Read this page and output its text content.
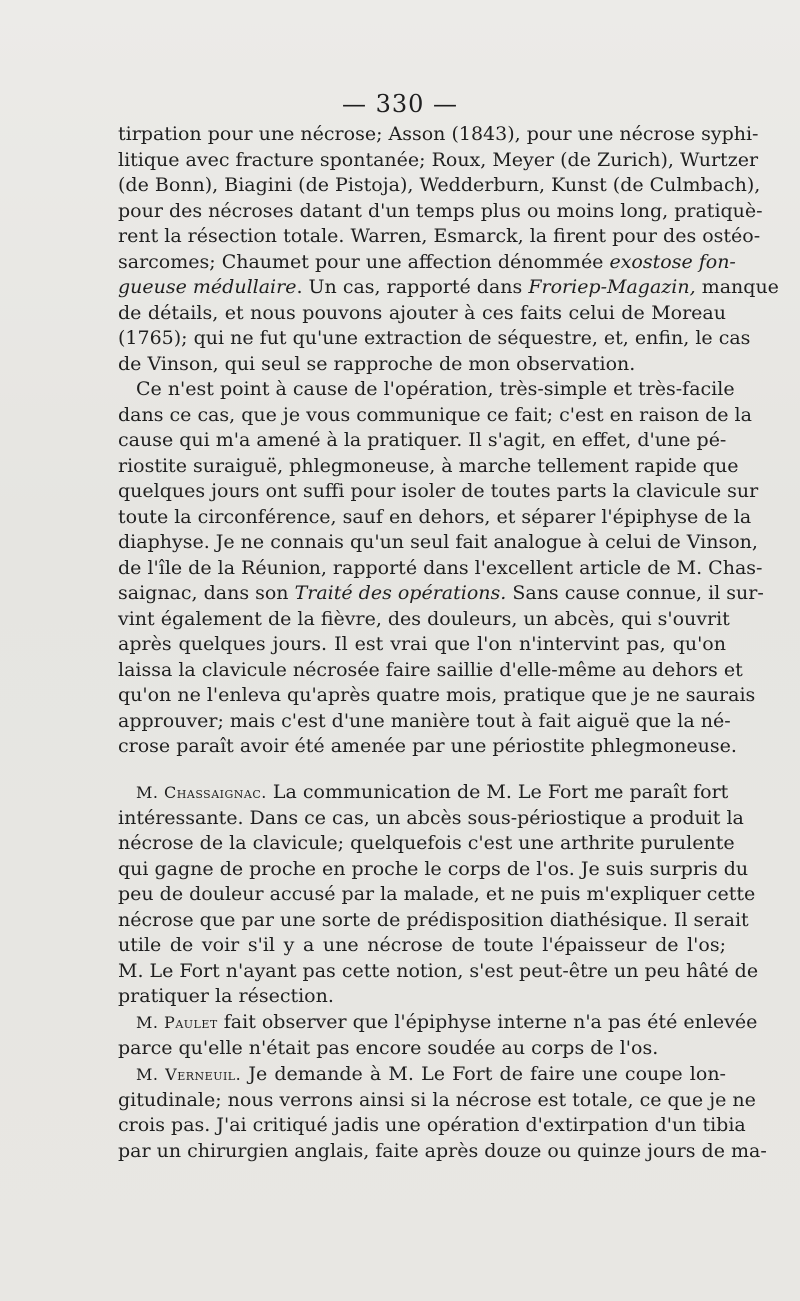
— 330 —
tirpation pour une nécrose; Asson (1843), pour une nécrose syphi-
litique avec fracture spontanée; Roux, Meyer (de Zurich), Wurtzer
(de Bonn), Biagini (de Pistoja), Wedderburn, Kunst (de Culmbach),
pour des nécroses datant d'un temps plus ou moins long, pratiquè-
rent la résection totale. Warren, Esmarck, la firent pour des ostéo-
sarcomes; Chaumet pour une affection dénommée exostose fon-
gueuse médullaire. Un cas, rapporté dans Froriep-Magazin, manque
de détails, et nous pouvons ajouter à ces faits celui de Moreau
(1765); qui ne fut qu'une extraction de séquestre, et, enfin, le cas
de Vinson, qui seul se rapproche de mon observation.
Ce n'est point à cause de l'opération, très-simple et très-facile
dans ce cas, que je vous communique ce fait; c'est en raison de la
cause qui m'a amené à la pratiquer. Il s'agit, en effet, d'une pé-
riostite suraiguë, phlegmoneuse, à marche tellement rapide que
quelques jours ont suffi pour isoler de toutes parts la clavicule sur
toute la circonférence, sauf en dehors, et séparer l'épiphyse de la
diaphyse. Je ne connais qu'un seul fait analogue à celui de Vinson,
de l'île de la Réunion, rapporté dans l'excellent article de M. Chas-
saignac, dans son Traité des opérations. Sans cause connue, il sur-
vint également de la fièvre, des douleurs, un abcès, qui s'ouvrit
après quelques jours. Il est vrai que l'on n'intervint pas, qu'on
laissa la clavicule nécrosée faire saillie d'elle-même au dehors et
qu'on ne l'enleva qu'après quatre mois, pratique que je ne saurais
approuver; mais c'est d'une manière tout à fait aiguë que la né-
crose paraît avoir été amenée par une périostite phlegmoneuse.
M. Chassaignac. La communication de M. Le Fort me paraît fort
intéressante. Dans ce cas, un abcès sous-périostique a produit la
nécrose de la clavicule; quelquefois c'est une arthrite purulente
qui gagne de proche en proche le corps de l'os. Je suis surpris du
peu de douleur accusé par la malade, et ne puis m'expliquer cette
nécrose que par une sorte de prédisposition diathésique. Il serait
utile de voir s'il y a une nécrose de toute l'épaisseur de l'os;
M. Le Fort n'ayant pas cette notion, s'est peut-être un peu hâté de
pratiquer la résection.
M. Paulet fait observer que l'épiphyse interne n'a pas été enlevée
parce qu'elle n'était pas encore soudée au corps de l'os.
M. Verneuil. Je demande à M. Le Fort de faire une coupe lon-
gitudinale; nous verrons ainsi si la nécrose est totale, ce que je ne
crois pas. J'ai critiqué jadis une opération d'extirpation d'un tibia
par un chirurgien anglais, faite après douze ou quinze jours de ma-
